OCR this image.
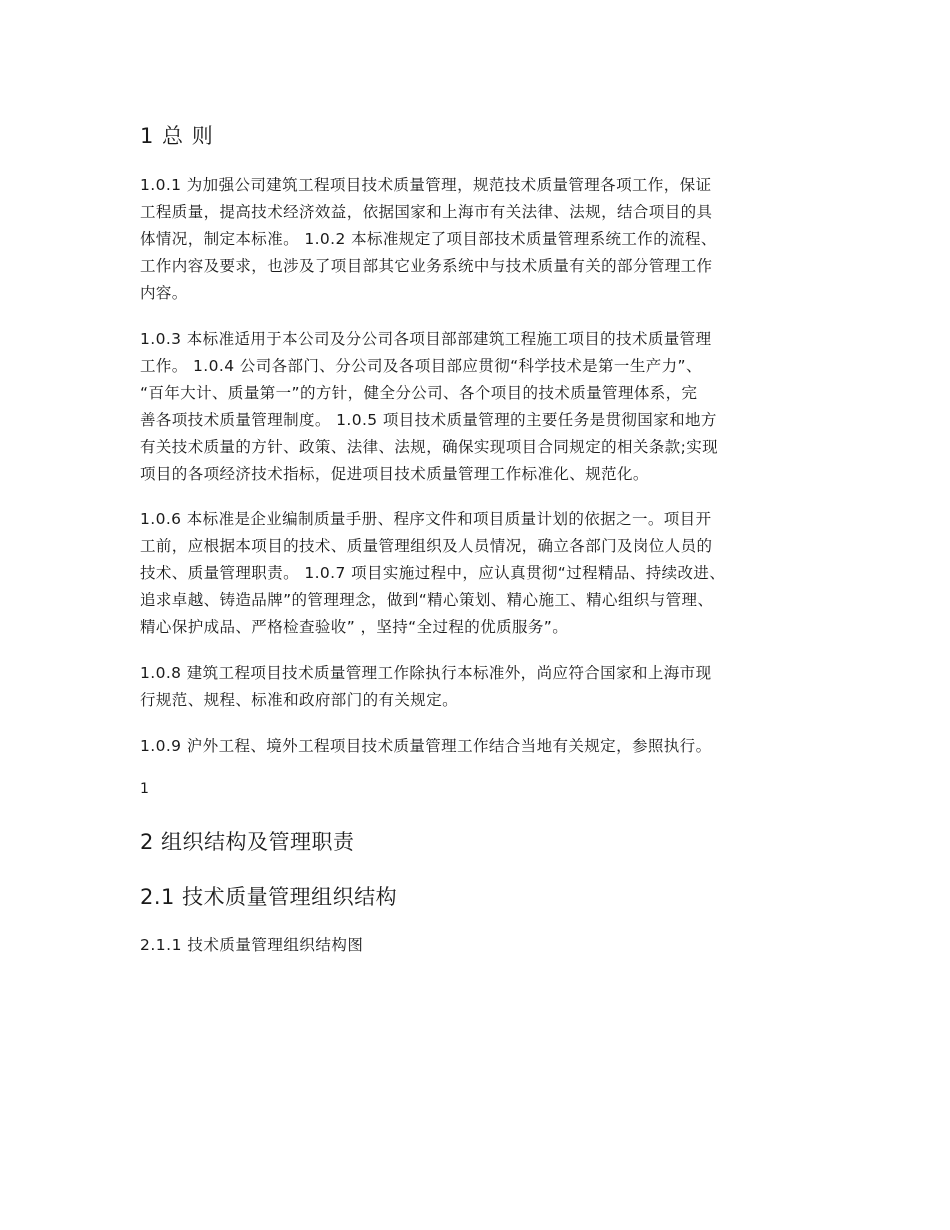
1 总 则
1.0.1 为加强公司建筑工程项目技术质量管理，规范技术质量管理各项工作，保证
工程质量，提高技术经济效益，依据国家和上海市有关法律、法规，结合项目的具
体情况，制定本标准。 1.0.2 本标准规定了项目部技术质量管理系统工作的流程、
工作内容及要求，也涉及了项目部其它业务系统中与技术质量有关的部分管理工作
内容。
1.0.3 本标准适用于本公司及分公司各项目部部建筑工程施工项目的技术质量管理
工作。 1.0.4 公司各部门、分公司及各项目部应贯彻“科学技术是第一生产力”、
“百年大计、质量第一”的方针，健全分公司、各个项目的技术质量管理体系，完
善各项技术质量管理制度。 1.0.5 项目技术质量管理的主要任务是贯彻国家和地方
有关技术质量的方针、政策、法律、法规，确保实现项目合同规定的相关条款;实现
项目的各项经济技术指标，促进项目技术质量管理工作标准化、规范化。
1.0.6 本标准是企业编制质量手册、程序文件和项目质量计划的依据之一。项目开
工前，应根据本项目的技术、质量管理组织及人员情况，确立各部门及岗位人员的
技术、质量管理职责。 1.0.7 项目实施过程中，应认真贯彻“过程精品、持续改进、
追求卓越、铸造品牌”的管理理念，做到“精心策划、精心施工、精心组织与管理、
精心保护成品、严格检查验收” ，坚持“全过程的优质服务”。
1.0.8 建筑工程项目技术质量管理工作除执行本标准外，尚应符合国家和上海市现
行规范、规程、标准和政府部门的有关规定。
1.0.9 沪外工程、境外工程项目技术质量管理工作结合当地有关规定，参照执行。

1

2 组织结构及管理职责
2.1 技术质量管理组织结构

2.1.1 技术质量管理组织结构图
